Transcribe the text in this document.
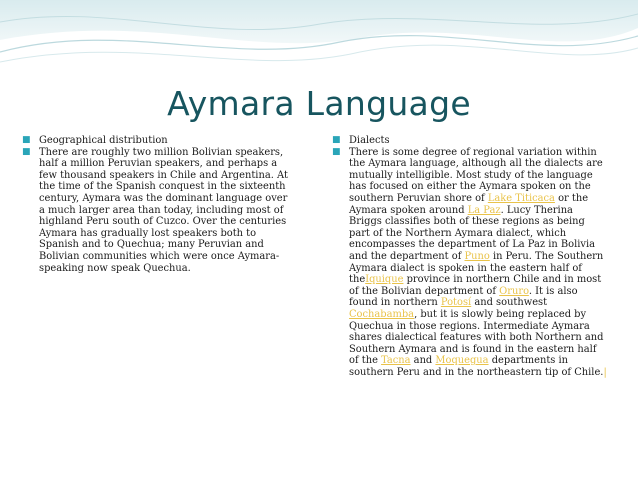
Aymara Language
■ Geographical distribution
■ There are roughly two million Bolivian speakers, half a million Peruvian speakers, and perhaps a few thousand speakers in Chile and Argentina. At the time of the Spanish conquest in the sixteenth century, Aymara was the dominant language over a much larger area than today, including most of highland Peru south of Cuzco. Over the centuries Aymara has gradually lost speakers both to Spanish and to Quechua; many Peruvian and Bolivian communities which were once Aymara-speaking now speak Quechua.
■ Dialects
■ There is some degree of regional variation within the Aymara language, although all the dialects are mutually intelligible. Most study of the language has focused on either the Aymara spoken on the southern Peruvian shore of Lake Titicaca or the Aymara spoken around La Paz. Lucy Therina Briggs classifies both of these regions as being part of the Northern Aymara dialect, which encompasses the department of La Paz in Bolivia and the department of Puno in Peru. The Southern Aymara dialect is spoken in the eastern half of theIquique province in northern Chile and in most of the Bolivian department of Oruro. It is also found in northern Potosí and southwest Cochabamba, but it is slowly being replaced by Quechua in those regions. Intermediate Aymara shares dialectical features with both Northern and Southern Aymara and is found in the eastern half of the Tacna and Moquegua departments in southern Peru and in the northeastern tip of Chile.|
